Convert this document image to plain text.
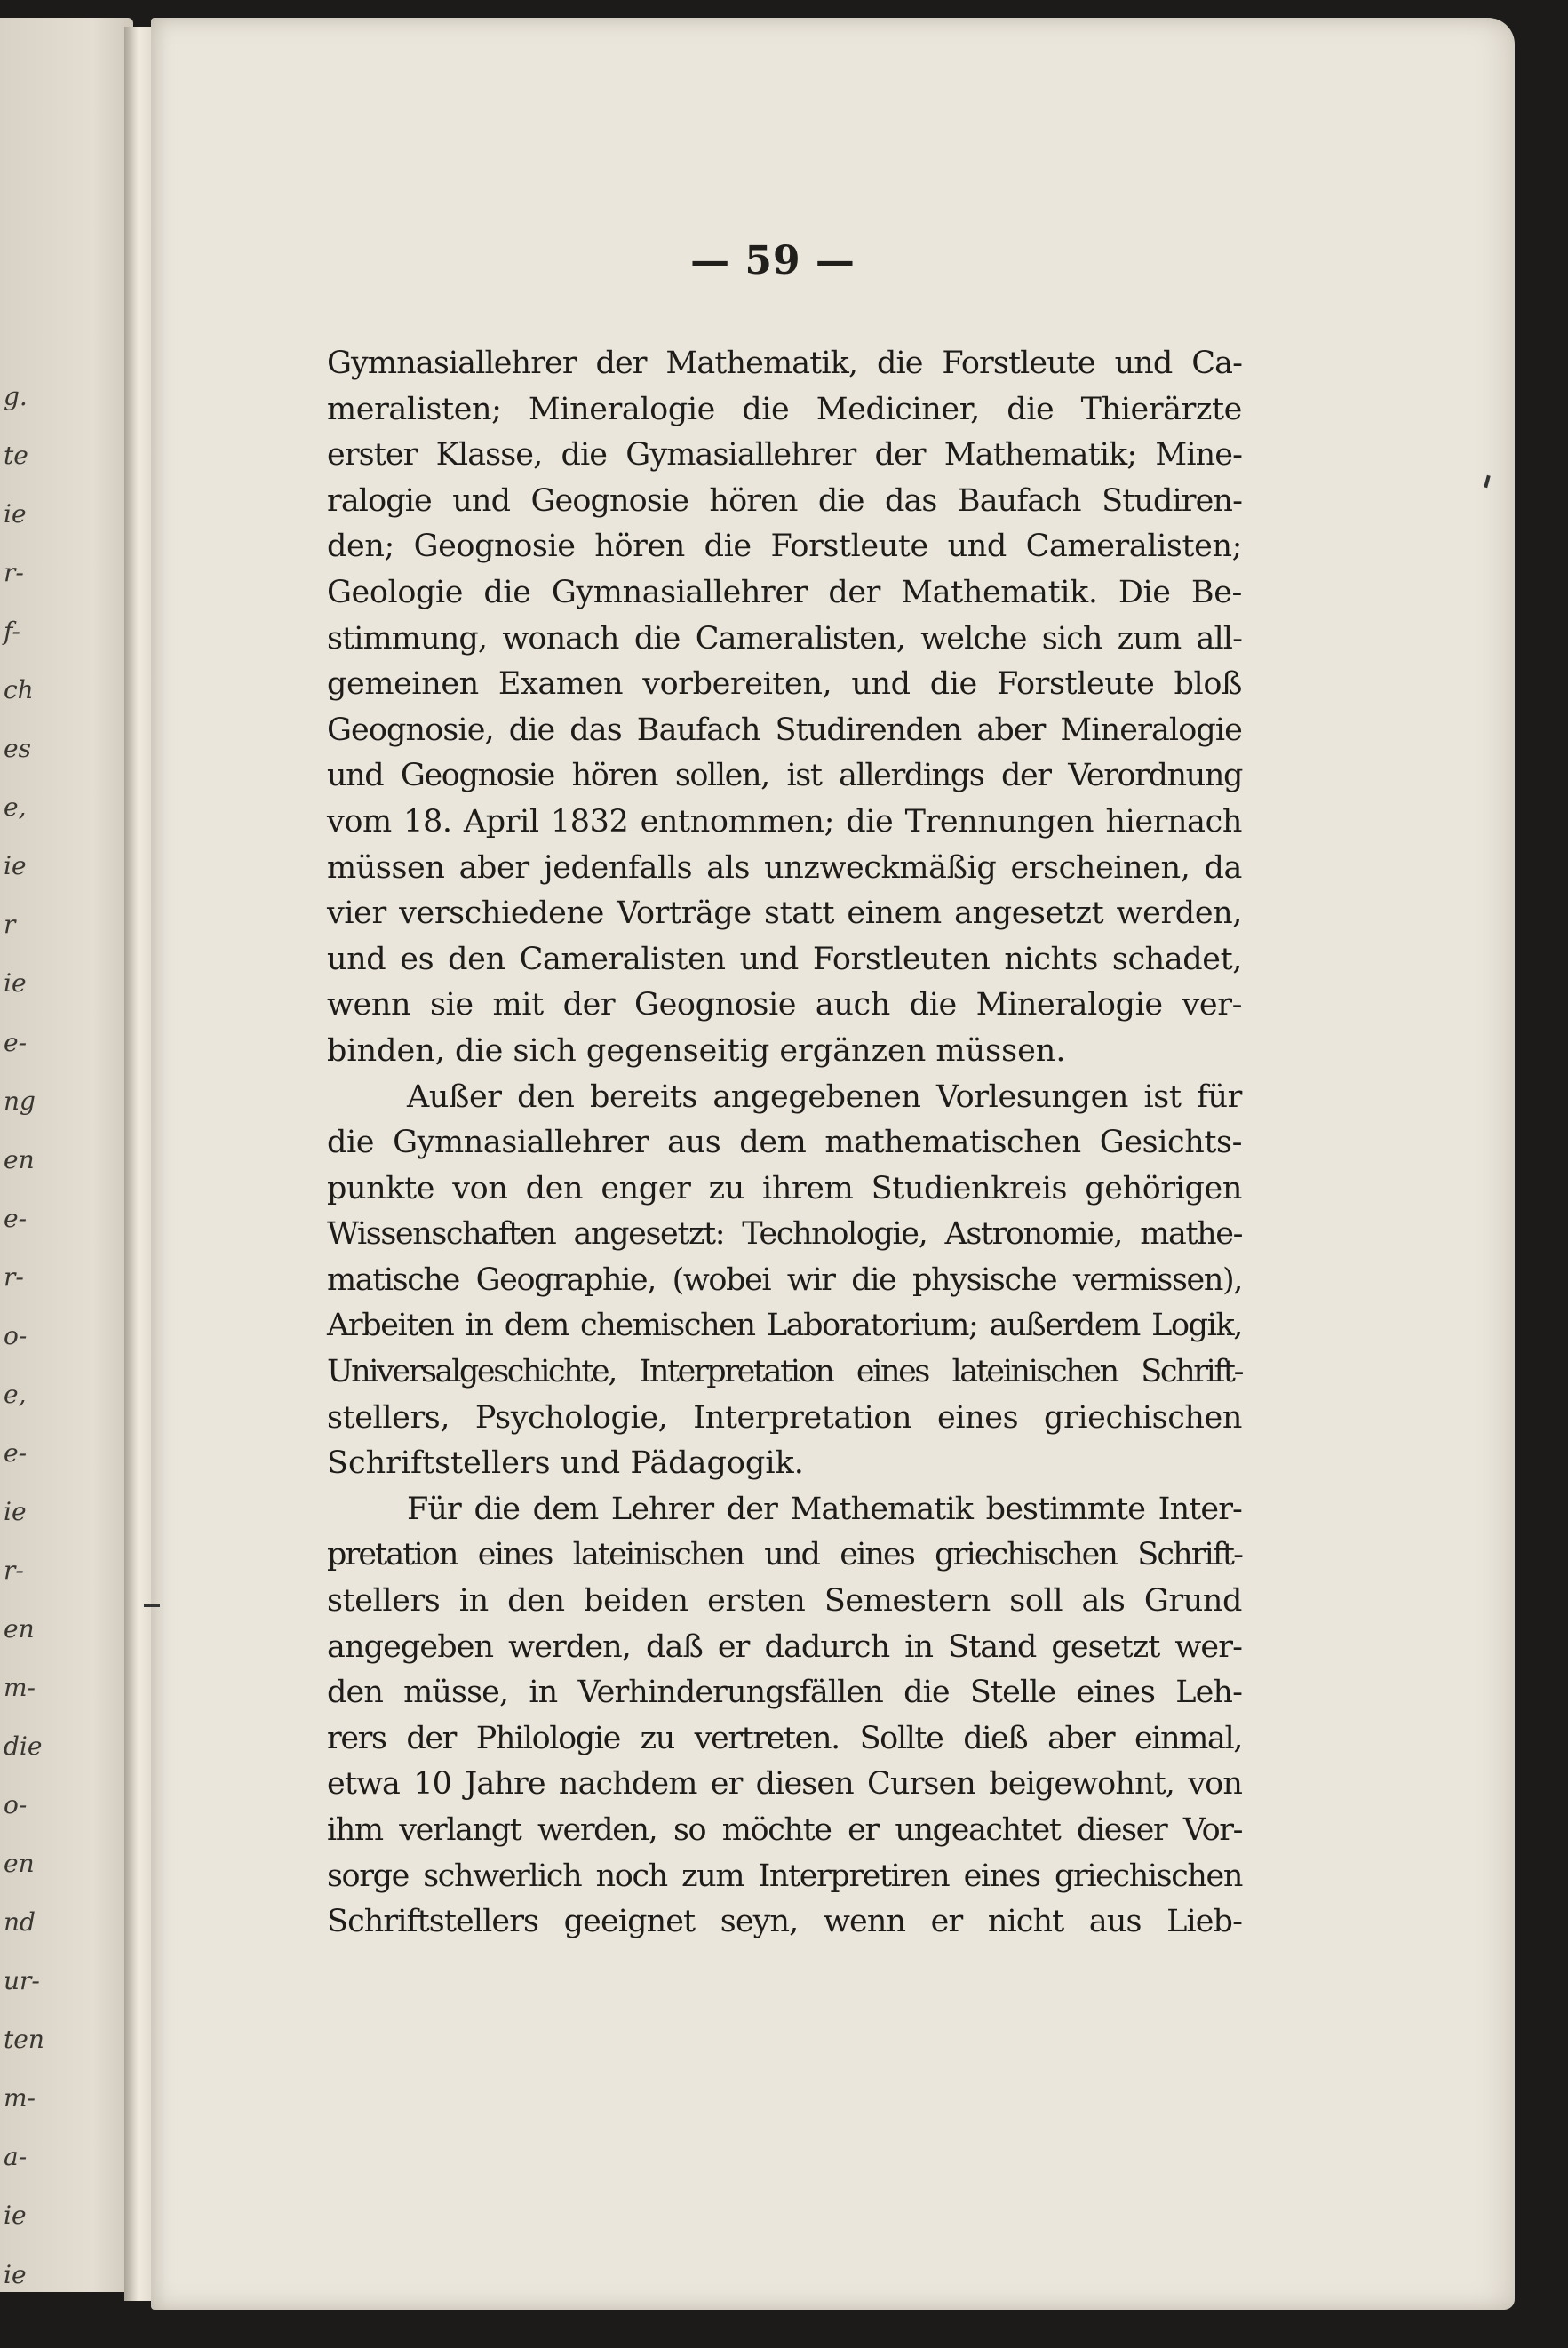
— 59 —
Gymnasiallehrer der Mathematik, die Forstleute und Ca-
meralisten; Mineralogie die Mediciner, die Thierärzte
erster Klasse, die Gymasiallehrer der Mathematik; Mine-
ralogie und Geognosie hören die das Baufach Studiren-
den; Geognosie hören die Forstleute und Cameralisten;
Geologie die Gymnasiallehrer der Mathematik. Die Be-
stimmung, wonach die Cameralisten, welche sich zum all-
gemeinen Examen vorbereiten, und die Forstleute bloß
Geognosie, die das Baufach Studirenden aber Mineralogie
und Geognosie hören sollen, ist allerdings der Verordnung
vom 18. April 1832 entnommen; die Trennungen hiernach
müssen aber jedenfalls als unzweckmäßig erscheinen, da
vier verschiedene Vorträge statt einem angesetzt werden,
und es den Cameralisten und Forstleuten nichts schadet,
wenn sie mit der Geognosie auch die Mineralogie ver-
binden, die sich gegenseitig ergänzen müssen.
Außer den bereits angegebenen Vorlesungen ist für
die Gymnasiallehrer aus dem mathematischen Gesichts-
punkte von den enger zu ihrem Studienkreis gehörigen
Wissenschaften angesetzt: Technologie, Astronomie, mathe-
matische Geographie, (wobei wir die physische vermissen),
Arbeiten in dem chemischen Laboratorium; außerdem Logik,
Universalgeschichte, Interpretation eines lateinischen Schrift-
stellers, Psychologie, Interpretation eines griechischen
Schriftstellers und Pädagogik.
Für die dem Lehrer der Mathematik bestimmte Inter-
pretation eines lateinischen und eines griechischen Schrift-
stellers in den beiden ersten Semestern soll als Grund
angegeben werden, daß er dadurch in Stand gesetzt wer-
den müsse, in Verhinderungsfällen die Stelle eines Leh-
rers der Philologie zu vertreten. Sollte dieß aber einmal,
etwa 10 Jahre nachdem er diesen Cursen beigewohnt, von
ihm verlangt werden, so möchte er ungeachtet dieser Vor-
sorge schwerlich noch zum Interpretiren eines griechischen
Schriftstellers geeignet seyn, wenn er nicht aus Lieb-
g.
te
ie
r-
f-
ch
es
e,
ie
r
ie
e-
ng
en
e-
r-
o-
e,
e-
ie
r-
en
m-
die
o-
en
nd
ur-
ten
m-
a-
ie
ie
